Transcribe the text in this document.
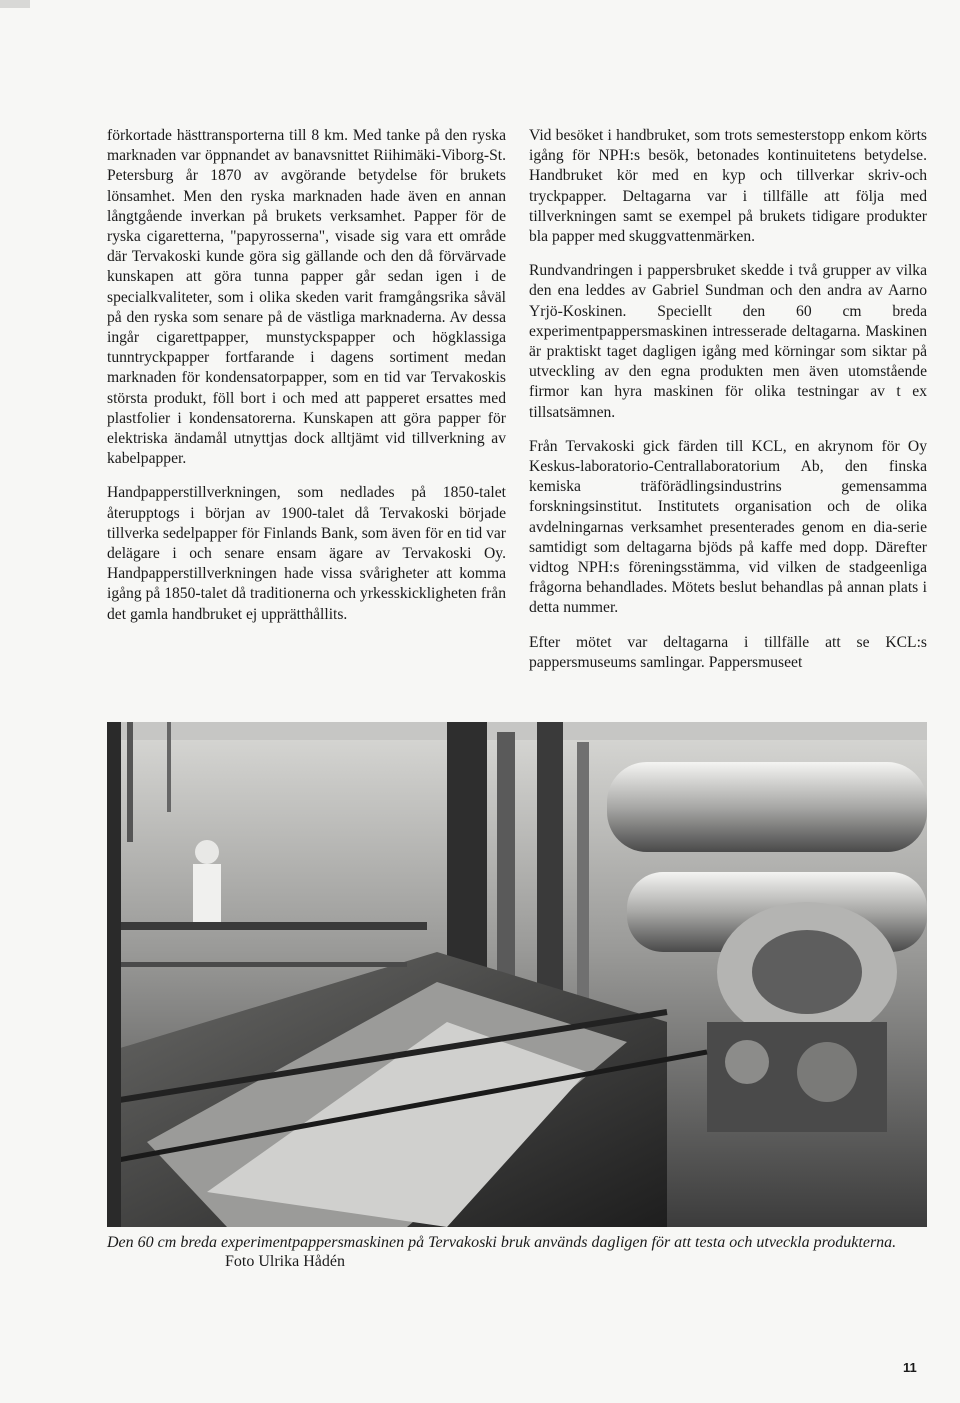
förkortade hästtransporterna till 8 km. Med tanke på den ryska marknaden var öppnandet av banavsnittet Riihimäki-Viborg-St. Petersburg år 1870 av avgörande betydelse för brukets lönsamhet. Men den ryska marknaden hade även en annan långtgående inverkan på brukets verksamhet. Papper för de ryska cigaretterna, "papyrosserna", visade sig vara ett område där Tervakoski kunde göra sig gällande och den då förvärvade kunskapen att göra tunna papper går sedan igen i de specialkvaliteter, som i olika skeden varit framgångsrika såväl på den ryska som senare på de västliga marknaderna. Av dessa ingår cigarettpapper, munstyckspapper och högklassiga tunntryckpapper fortfarande i dagens sortiment medan marknaden för kondensatorpapper, som en tid var Tervakoskis största produkt, föll bort i och med att papperet ersattes med plastfolier i kondensatorerna. Kunskapen att göra papper för elektriska ändamål utnyttjas dock alltjämt vid tillverkning av kabelpapper.

Handpapperstillverkningen, som nedlades på 1850-talet återupptogs i början av 1900-talet då Tervakoski började tillverka sedelpapper för Finlands Bank, som även för en tid var delägare i och senare ensam ägare av Tervakoski Oy. Handpapperstillverkningen hade vissa svårigheter att komma igång på 1850-talet då traditionerna och yrkesskickligheten från det gamla handbruket ej upprätthållits.

Vid besöket i handbruket, som trots semesterstopp enkom körts igång för NPH:s besök, betonades kontinuitetens betydelse. Handbruket kör med en kyp och tillverkar skriv-och tryckpapper. Deltagarna var i tillfälle att följa med tillverkningen samt se exempel på brukets tidigare produkter bla papper med skuggvattenmärken.

Rundvandringen i pappersbruket skedde i två grupper av vilka den ena leddes av Gabriel Sundman och den andra av Aarno Yrjö-Koskinen. Speciellt den 60 cm breda experimentpappersmaskinen intresserade deltagarna. Maskinen är praktiskt taget dagligen igång med körningar som siktar på utveckling av den egna produkten men även utomstående firmor kan hyra maskinen för olika testningar av t ex tillsatsämnen.

Från Tervakoski gick färden till KCL, en akrynom för Oy Keskus-laboratorio-Centrallaboratorium Ab, den finska kemiska träförädlingsindustrins gemensamma forskningsinstitut. Institutets organisation och de olika avdelningarnas verksamhet presenterades genom en dia-serie samtidigt som deltagarna bjöds på kaffe med dopp. Därefter vidtog NPH:s föreningsstämma, vid vilken de stadgeenliga frågorna behandlades. Mötets beslut behandlas på annan plats i detta nummer.

Efter mötet var deltagarna i tillfälle att se KCL:s pappersmuseums samlingar. Pappersmuseet

Den 60 cm breda experimentpappersmaskinen på Tervakoski bruk används dagligen för att testa och utveckla produkterna. Foto Ulrika Hådén
11
